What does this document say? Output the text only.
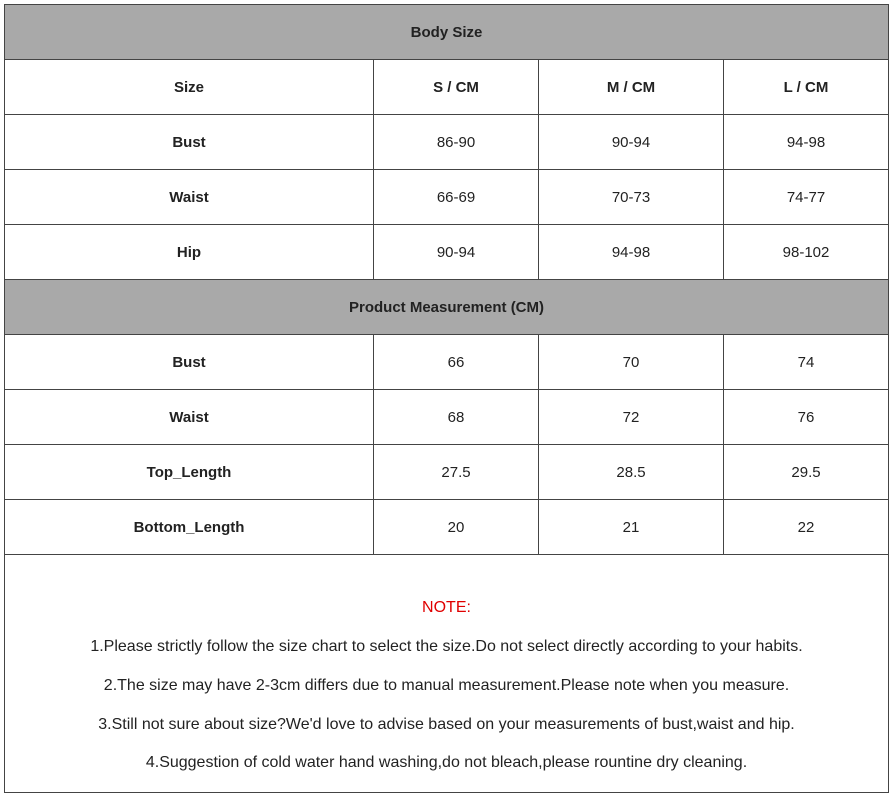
Body Size
Size	S / CM	M / CM	L / CM
Bust	86-90	90-94	94-98
Waist	66-69	70-73	74-77
Hip	90-94	94-98	98-102
Product Measurement (CM)
Bust	66	70	74
Waist	68	72	76
Top_Length	27.5	28.5	29.5
Bottom_Length	20	21	22
NOTE:
1.Please strictly follow the size chart to select the size.Do not select directly according to your habits.
2.The size may have 2-3cm differs due to manual measurement.Please note when you measure.
3.Still not sure about size?We'd love to advise based on your measurements of bust,waist and hip.
4.Suggestion of cold water hand washing,do not bleach,please rountine dry cleaning.
